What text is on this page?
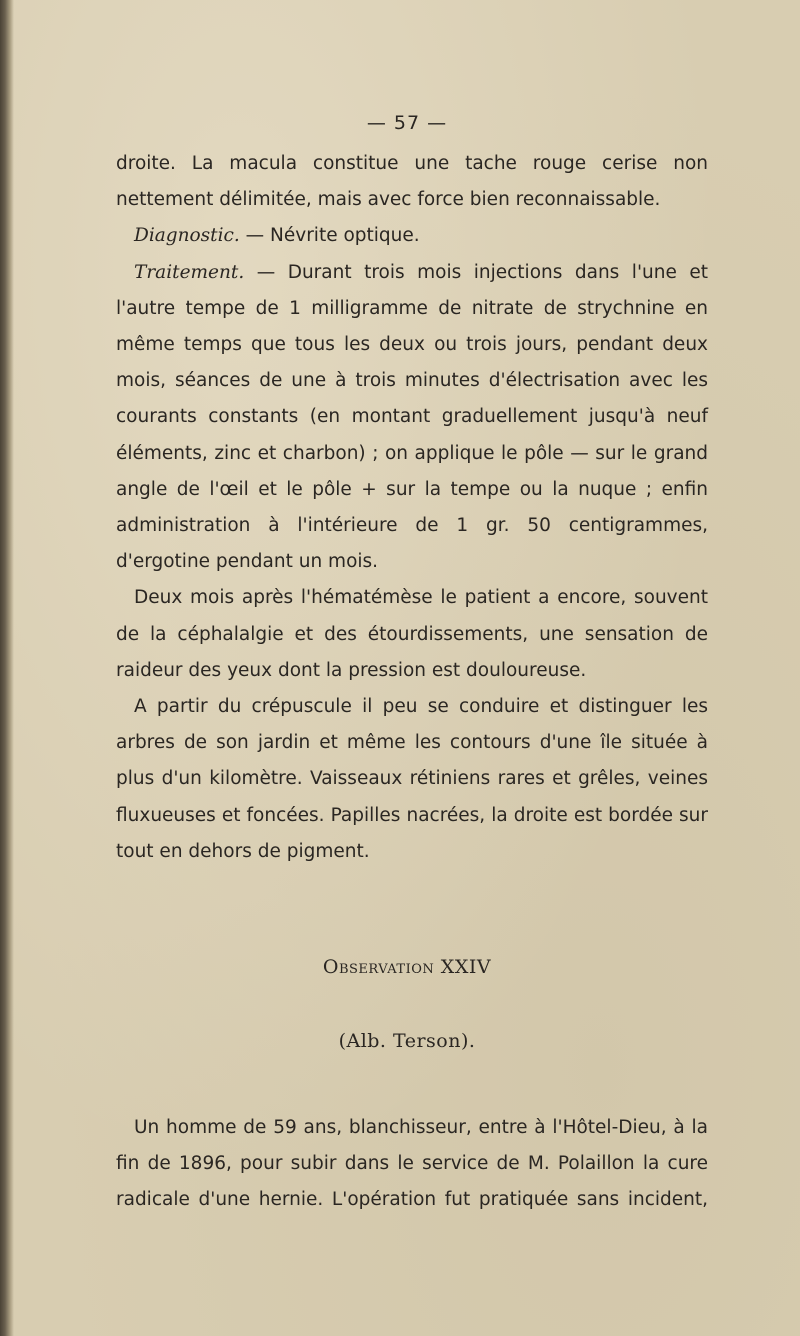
— 57 —

droite. La macula constitue une tache rouge cerise non nettement délimitée, mais avec force bien reconnaissable.

Diagnostic. — Névrite optique.

Traitement. — Durant trois mois injections dans l'une et l'autre tempe de 1 milligramme de nitrate de strychnine en même temps que tous les deux ou trois jours, pendant deux mois, séances de une à trois minutes d'électrisation avec les courants constants (en montant graduellement jusqu'à neuf éléments, zinc et charbon) ; on applique le pôle — sur le grand angle de l'œil et le pôle + sur la tempe ou la nuque ; enfin administration à l'intérieure de 1 gr. 50 centigrammes, d'ergotine pendant un mois.

Deux mois après l'hématémèse le patient a encore, souvent de la céphalalgie et des étourdissements, une sensation de raideur des yeux dont la pression est douloureuse.

A partir du crépuscule il peu se conduire et distinguer les arbres de son jardin et même les contours d'une île située à plus d'un kilomètre. Vaisseaux rétiniens rares et grêles, veines fluxueuses et foncées. Papilles nacrées, la droite est bordée sur tout en dehors de pigment.

Observation XXIV
(Alb. Terson).

Un homme de 59 ans, blanchisseur, entre à l'Hôtel-Dieu, à la fin de 1896, pour subir dans le service de M. Polaillon la cure radicale d'une hernie. L'opération fut pratiquée sans incident,
